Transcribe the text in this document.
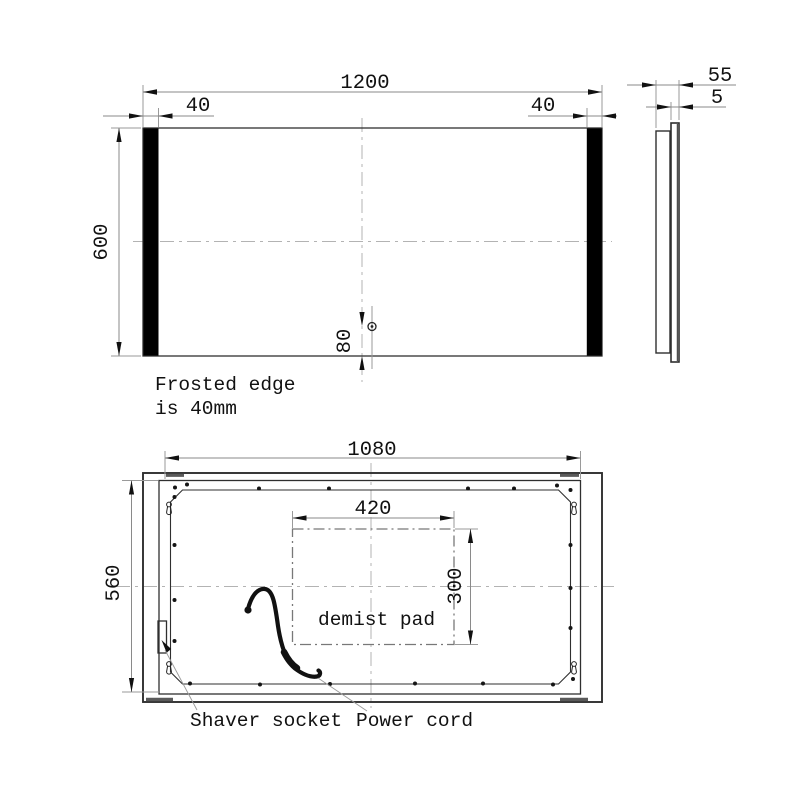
1200
40	40
600
80
Frosted edge
is 40mm
55
5
demist pad
420
300
1080
560
Shaver socket Power cord
